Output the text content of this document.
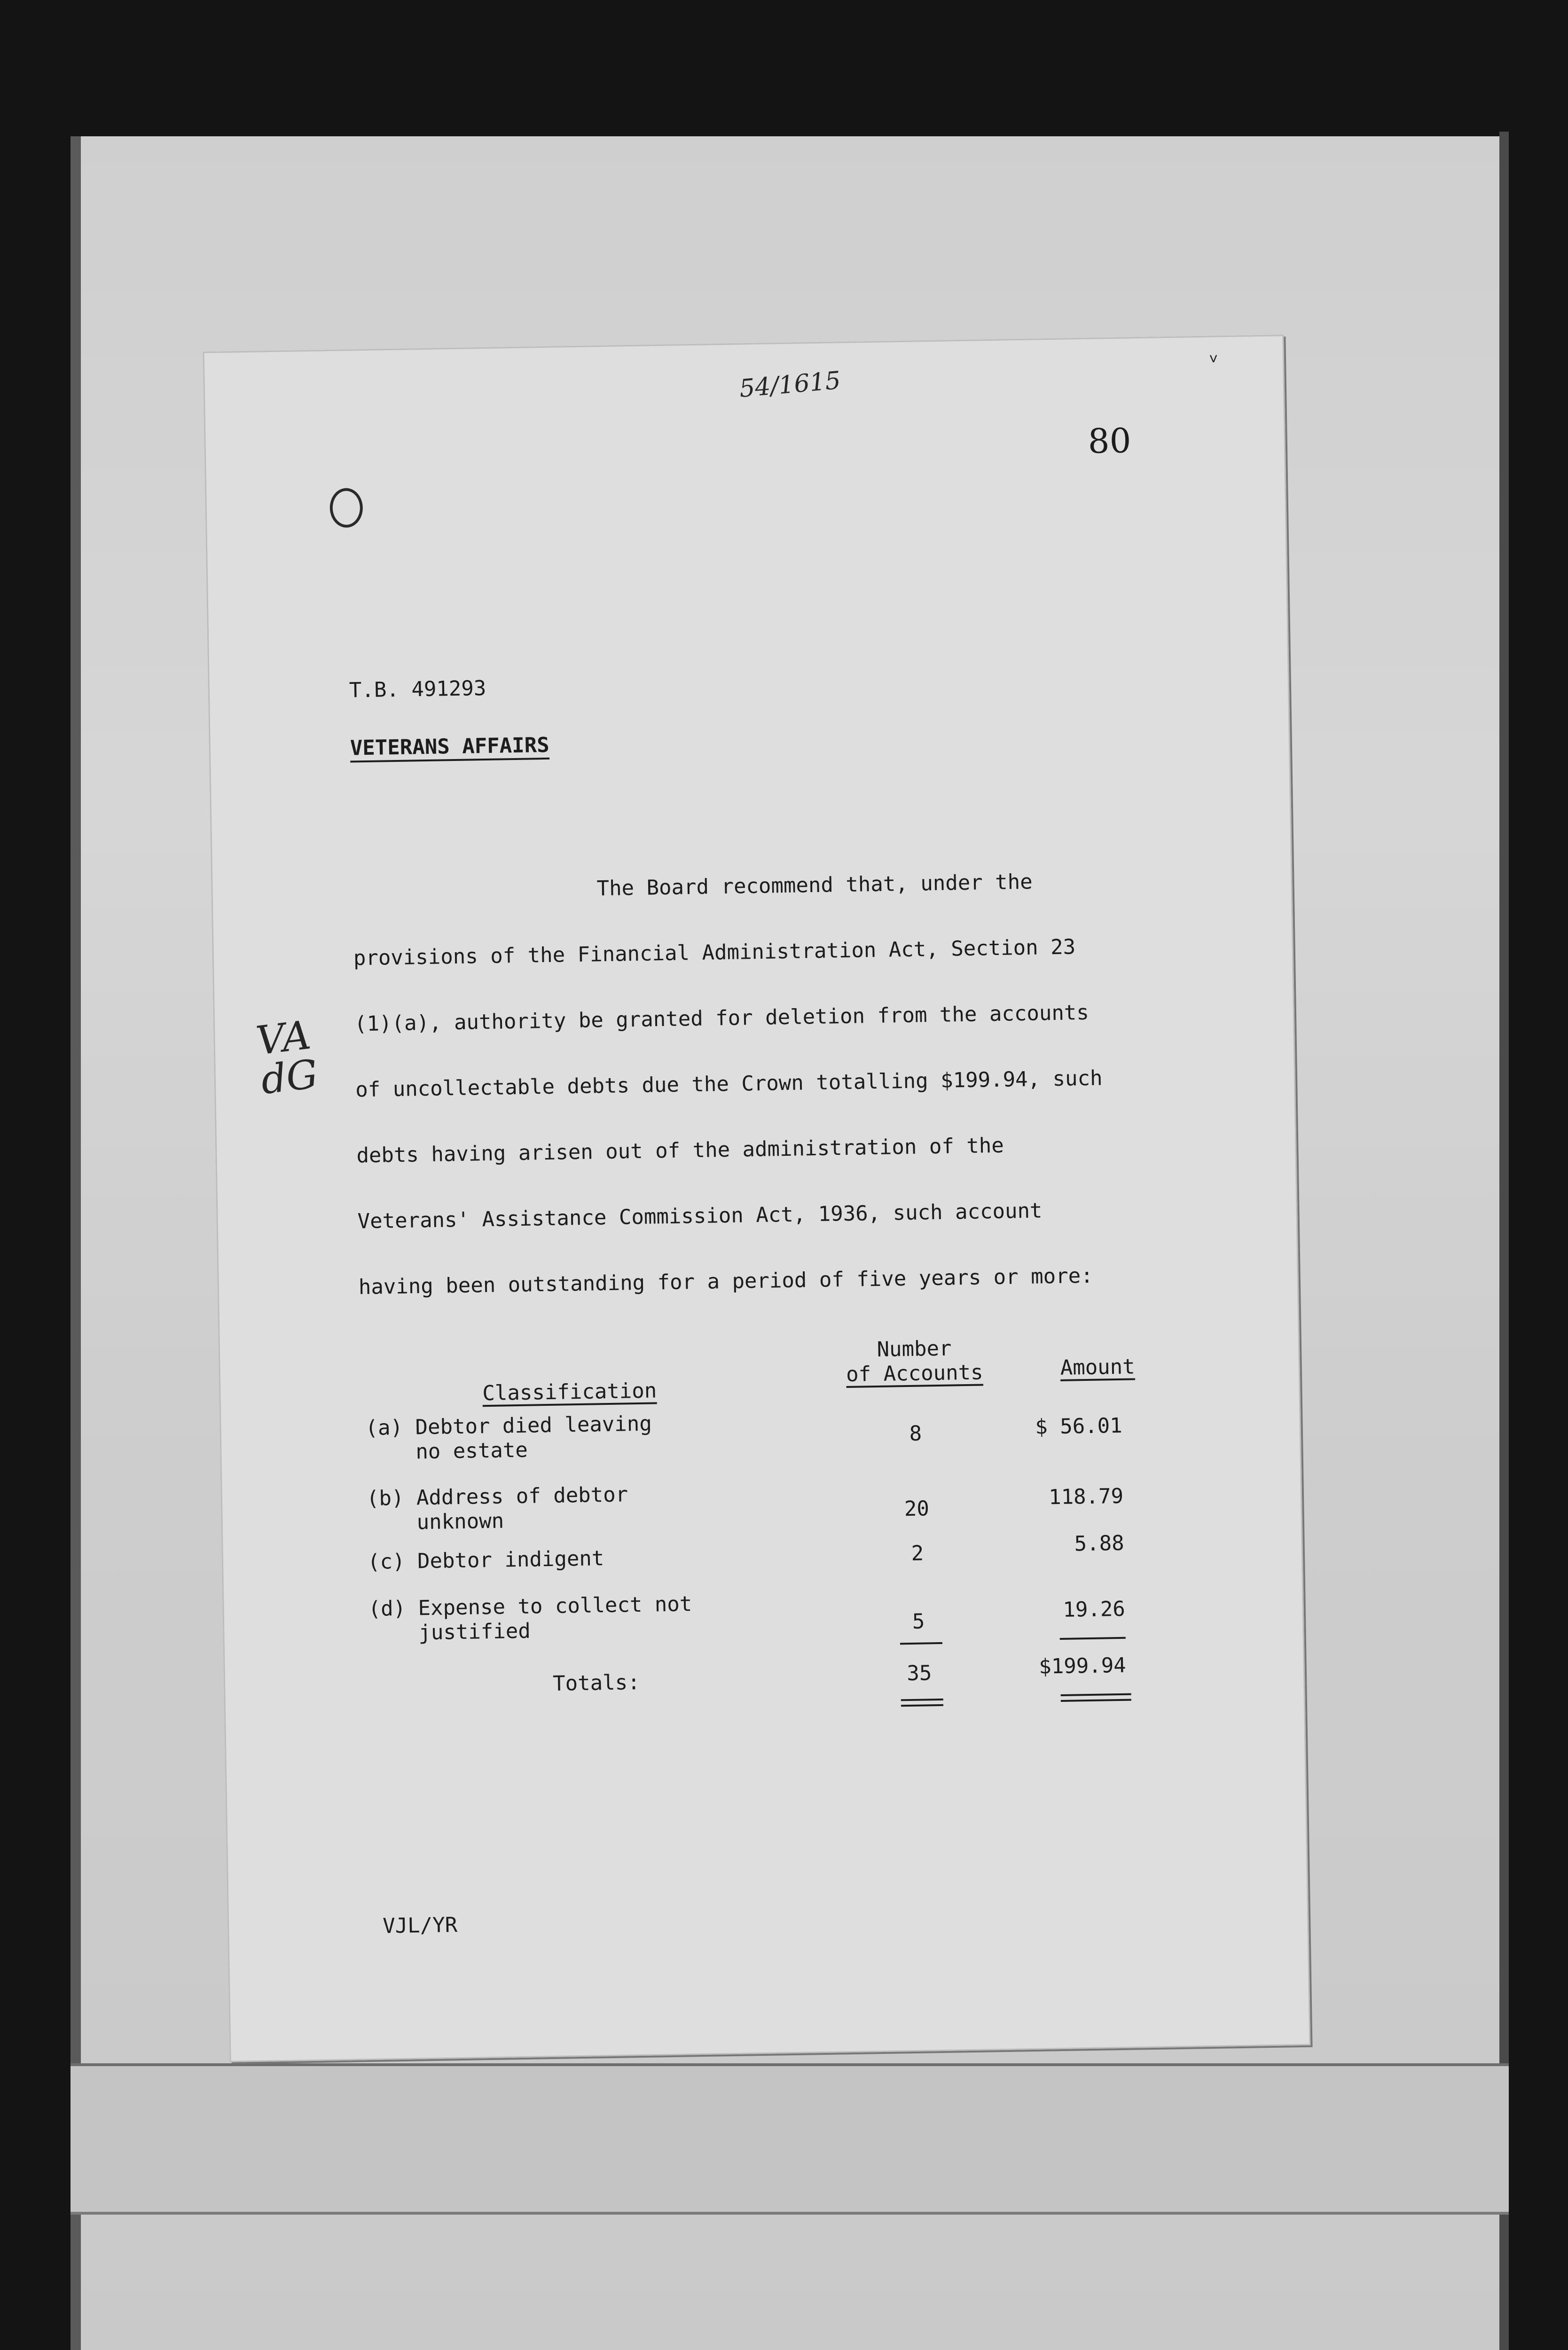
˅
54/1615
80
VA
dG
T.B. 491293
VETERANS AFFAIRS
The Board recommend that, under the
provisions of the Financial Administration Act, Section 23
(1)(a), authority be granted for deletion from the accounts
of uncollectable debts due the Crown totalling $199.94, such
debts having arisen out of the administration of the
Veterans' Assistance Commission Act, 1936, such account
having been outstanding for a period of five years or more:
Classification
Number
of Accounts	Amount
(a) Debtor died leaving
no estate
8	$ 56.01
(b) Address of debtor
unknown
20	118.79
(c) Debtor indigent	2	5.88
(d) Expense to collect not
justified	5	19.26
Totals:	35	$199.94
VJL/YR
